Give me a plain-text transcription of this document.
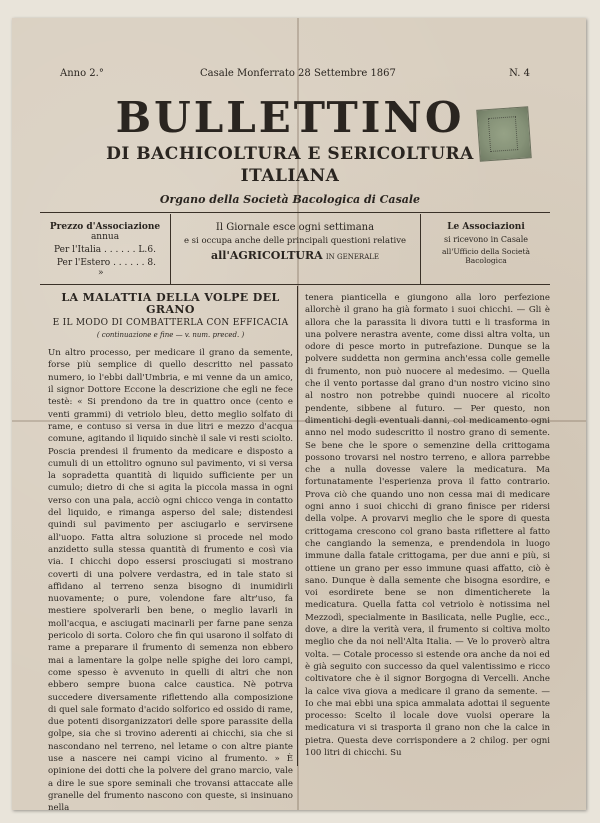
Anno 2.°	Casale Monferrato 28 Settembre 1867	N. 4
BULLETTINO
DI BACHICOLTURA E SERICOLTURA ITALIANA
Organo della Società Bacologica di Casale
Prezzo d'Associazione
annua
Per l'Italia . . . . . . L. 6.
Per l'Estero . . . . . . »
8.
Il Giornale esce ogni settimana
e si occupa anche delle principali questioni relative
all'AGRICOLTURA IN GENERALE
Le Associazioni
si ricevono in Casale
all'Ufficio della Società Bacologica
LA MALATTIA DELLA VOLPE DEL GRANO
E IL MODO DI COMBATTERLA CON EFFICACIA
( continuazione e fine — v. num. preced. )

Un altro processo, per medicare il grano da semente, forse più semplice di quello descritto nel passato numero, io l'ebbi dall'Umbria, e mi venne da un amico, il signor Dottore Eccone la descrizione che egli ne fece testè: « Si prendono da tre in quattro once (cento e venti grammi) di vetriolo bleu, detto meglio solfato di rame, e contuso si versa in due litri e mezzo d'acqua comune, agitando il liquido sinchè il sale vi resti sciolto. Poscia prendesi il frumento da medicare e disposto a cumuli di un ettolitro ognuno sul pavimento, vi si versa la sopradetta quantità di liquido sufficiente per un cumulo; dietro di che si agita la piccola massa in ogni verso con una pala, acciò ogni chicco venga in contatto del liquido, e rimanga asperso del sale; distendesi quindi sul pavimento per asciugarlo e servirsene all'uopo. Fatta altra soluzione si procede nel modo anzidetto sulla stessa quantità di frumento e così via via. I chicchi dopo essersi prosciugati si mostrano coverti di una polvere verdastra, ed in tale stato si affidano al terreno senza bisogno di inumidirli nuovamente; o pure, volendone fare altr'uso, fa mestiere spolverarli ben bene, o meglio lavarli in moll'acqua, e asciugati macinarli per farne pane senza pericolo di sorta. Coloro che fin qui usarono il solfato di rame a preparare il frumento di semenza non ebbero mai a lamentare la golpe nelle spighe dei loro campi, come spesso è avvenuto in quelli di altri che non ebbero sempre buona calce caustica. Nè potrva succedere diversamente riflettendo alla composizione di quel sale formato d'acido solforico ed ossido di rame, due potenti disorganizzatori delle spore parassite della golpe, sia che si trovino aderenti ai chicchi, sia che si nascondano nel terreno, nel letame o con altre piante use a nascere nei campi vicino al frumento. » È opinione dei dotti che la polvere del grano marcio, vale a dire le sue spore seminali che trovansi attaccate alle granelle del frumento nascono con queste, si insinuano nella

tenera pianticella e giungono alla loro perfezione allorchè il grano ha già formato i suoi chicchi. — Gli è allora che la parassita li divora tutti e li trasforma in una polvere nerastra avente, come dissi altra volta, un odore di pesce morto in putrefazione. Dunque se la polvere suddetta non germina anch'essa colle gemelle di frumento, non può nuocere al medesimo. — Quella che il vento portasse dal grano d'un nostro vicino sino al nostro non potrebbe quindi nuocere al ricolto pendente, sibbene al futuro. — Per questo, non dimentichi degli eventuali danni, col medicamento ogni anno nel modo sudescritto il nostro grano di semente. Se bene che le spore o semenzine della crittogama possono trovarsi nel nostro terreno, e allora parrebbe che a nulla dovesse valere la medicatura. Ma fortunatamente l'esperienza prova il fatto contrario. Prova ciò che quando uno non cessa mai di medicare ogni anno i suoi chicchi di grano finisce per ridersi della volpe. A provarvi meglio che le spore di questa crittogama crescono col grano basta riflettere al fatto che cangiando la semenza, e prendendola in luogo immune dalla fatale crittogama, per due anni e più, si ottiene un grano per esso immune quasi affatto, ciò è sano. Dunque è dalla semente che bisogna esordire, e voi esordirete bene se non dimenticherete la medicatura. Quella fatta col vetriolo è notissima nel Mezzodì, specialmente in Basilicata, nelle Puglie, ecc., dove, a dire la verità vera, il frumento si coltiva molto meglio che da noi nell'Alta Italia. — Ve lo proverò altra volta. — Cotale processo si estende ora anche da noi ed è già seguito con successo da quel valentissimo e ricco coltivatore che è il signor Borgogna di Vercelli. Anche la calce viva giova a medicare il grano da semente. — Io che mai ebbi una spica ammalata adottai il seguente processo: Scelto il locale dove vuolsi operare la medicatura vi si trasporta il grano non che la calce in pietra. Questa deve corrispondere a 2 chilog. per ogni 100 litri di chicchi. Su
